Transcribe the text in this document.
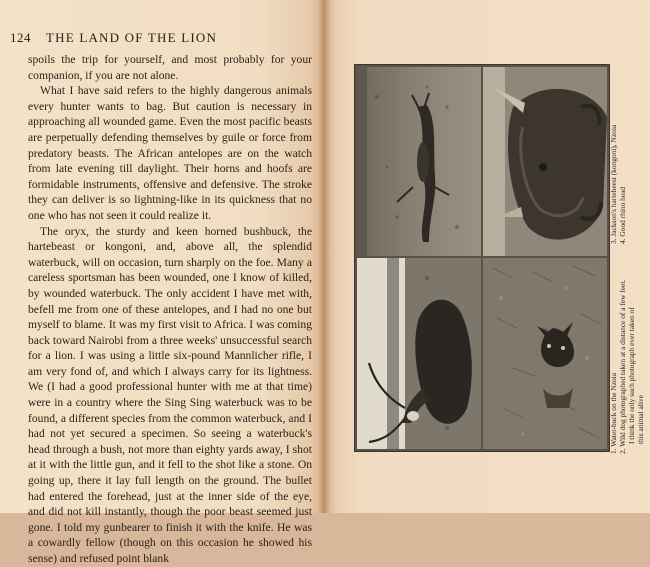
124 THE LAND OF THE LION

spoils the trip for yourself, and most probably for your companion, if you are not alone.

What I have said refers to the highly dangerous animals every hunter wants to bag. But caution is necessary in approaching all wounded game. Even the most pacific beasts are perpetually defending themselves by guile or force from predatory beasts. The African antelopes are on the watch from late evening till daylight. Their horns and hoofs are formidable instruments, offensive and defensive. The stroke they can deliver is so lightning-like in its quickness that no one who has not seen it could realize it.

The oryx, the sturdy and keen horned bushbuck, the hartebeast or kongoni, and, above all, the splendid waterbuck, will on occasion, turn sharply on the foe. Many a careless sportsman has been wounded, one I know of killed, by wounded waterbuck. The only accident I have met with, befell me from one of these antelopes, and I had no one but myself to blame. It was my first visit to Africa. I was coming back toward Nairobi from a three weeks' unsuccessful search for a lion. I was using a little six-pound Mannlicher rifle, I am very fond of, and which I always carry for its lightness. We (I had a good professional hunter with me at that time) were in a country where the Sing Sing waterbuck was to be found, a different species from the common waterbuck, and I had not yet secured a specimen. So seeing a waterbuck's head through a bush, not more than eighty yards away, I shot at it with the little gun, and it fell to the shot like a stone. On going up, there it lay full length on the ground. The bullet had entered the forehead, just at the inner side of the eye, and did not kill instantly, though the poor beast seemed just gone. I told my gunbearer to finish it with the knife. He was a cowardly fellow (though on this occasion he showed his sense) and refused point blank

1. Water-buck on the Nzoia
2. Wild dog photographed taken at a distance of a few feet. I think the only such photograph ever taken of this animal alive
3. Jackson's hartebeest (kongoni), Nzoia
4. Good rhino head
